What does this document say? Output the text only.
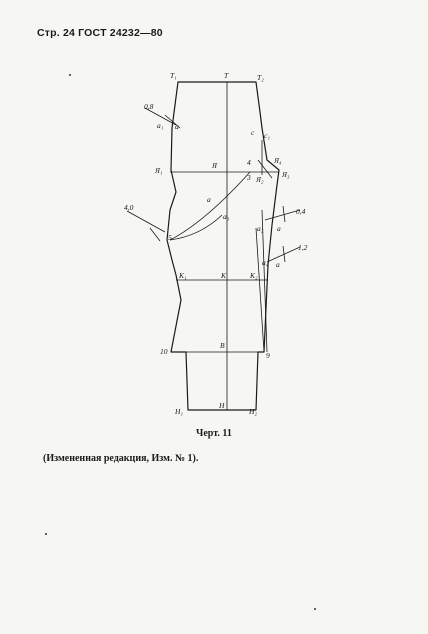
Стр. 24 ГОСТ 24232—80
Т₁	Т	Т₂
0,8
а₁ а
с с₁
Я₁
Я	4	Я₄
Я₃
3 Я₂
4,0
а
а₃
5
0,4
а₂ а
1,2
а₄ а
К₁	К	К₂
10
В
9
Н₁
Н
Н₂
Черт. 11
(Измененная редакция, Изм. № 1).
